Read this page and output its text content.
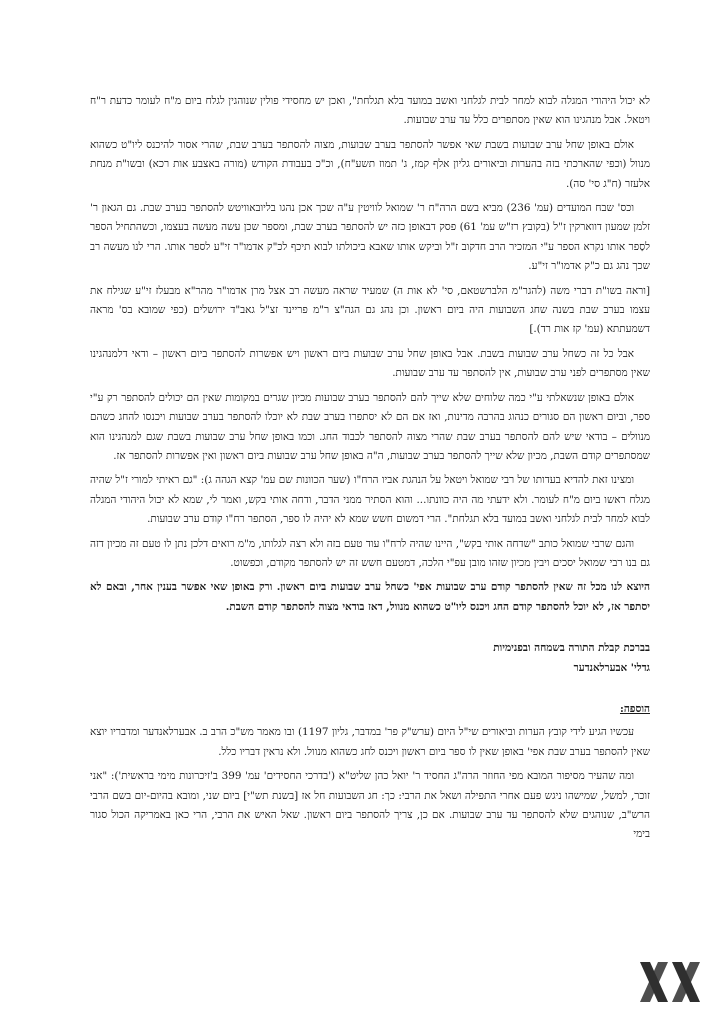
לא יכול היהודי המגלה לבוא למחר לבית לגלחני ואשב במועד בלא תגלחת", ואכן יש מחסידי פולין שנוהגין לגלח ביום מ"ח לעומר כדעת ר"ח ויטאל. אבל מנהגינו הוא שאין מסתפרים כלל עד ערב שבועות.

אולם באופן שחל ערב שבועות בשבת שאי אפשר להסתפר בערב שבועות, מצוה להסתפר בערב שבת, שהרי אסור להיכנס ליו"ט כשהוא מנוול (וכפי שהארכתי בזה בהערות וביאורים גליון אלף קמז, ג' תמוז תשע"ח), וכ"כ בעבודת הקודש (מורה באצבע אות רכא) ובשו"ת מנחת אלעזר (ח"ג סי' סה).

וכס' שבח המועדים (עמ' 236) מביא בשם הרה"ח ר' שמואל לוויטין ע"ה שכך אכן נהגו בליובאוויטש להסתפר בערב שבת. גם הגאון ר' זלמן שמעון דווארקין ז"ל (בקובץ רז"ש עמ' 61) פסק דבאופן כזה יש להסתפר בערב שבת, ומספר שכן עשה מעשה בעצמו, וכשהתחיל הספר לסַפר אותו נקרא הספר ע"י המזכיר הרב חדקוב ז"ל וביקש אותו שאבא ביכולתו לבוא תיכף לכ"ק אדמו"ר זי"ע לספר אותו. הרי לנו מעשה רב שכך נהג גם כ"ק אדמו"ר זי"ע.

[וראה בשו"ת דברי משה (להגר"מ הלברשטאם, סי' לא אות ה) שמעיד שראה מעשה רב אצל מרן אדמו"ר מהר"א מבעלז זי"ע שגילח את עצמו בערב שבת בשנה שחג השבועות היה ביום ראשון. וכן נהג גם הגה"צ ר"מ פריינד זצ"ל גאב"ד ירושלים (כפי שמובא בס' מראה דשמעתתא (עמ' קז אות רד).]

אבל כל זה כשחל ערב שבועות בשבת. אבל באופן שחל ערב שבועות ביום ראשון ויש אפשרות להסתפר ביום ראשון – ודאי דלמנהגינו שאין מסתפרים לפני ערב שבועות, אין להסתפר עד ערב שבועות.

אולם באופן שנשאלתי ע"י כמה שלוחים שלא שייך להם להסתפר בערב שבועות מכיון שגרים במקומות שאין הם יכולים להסתפר רק ע"י ספר, וביום ראשון הם סגורים כנהוג בהרבה מדינות, ואז אם הם לא יסתפרו בערב שבת לא יוכלו להסתפר בערב שבועות ויכנסו להחג כשהם מנוולים – בודאי שיש להם להסתפר בערב שבת שהרי מצוה להסתפר לכבוד החג. וכמו באופן שחל ערב שבועות בשבת שגם למנהגינו הוא שמסתפרים קודם השבת, מכיון שלא שייך להסתפר בערב שבועות, ה"ה באופן שחל ערב שבועות ביום ראשון ואין אפשרות להסתפר אז.

ומצינו זאת להדיא בעדותו של רבי שמואל ויטאל על הנהגת אביו הרח"ו (שער הכוונות שם עמ' קצא הגהה ג): "גם ראיתי למורי ז"ל שהיה מגלח ראשו ביום מ"ח לעומר. ולא ידעתי מה היה כוונתו... והוא הסתיר ממני הדבר, ודחה אותי בקש, ואמר לי, שמא לא יכול היהודי המגלה לבוא למחר לבית לגלחני ואשב במועד בלא תגלחת". הרי דמשום חשש שמא לא יהיה לו ספר, הסתפר רח"ו קודם ערב שבועות.

והגם שרבי שמואל כותב "שדחה אותי בקש", היינו שהיה לרח"ו עוד טעם בזה ולא רצה לגלותו, מ"מ רואים דלכן נתן לו טעם זה מכיון דזה גם בנו רבי שמואל יסכים ויבין מכיון שזהו מובן עפ"י הלכה, דמטעם חשש זה יש להסתפר מקודם, וכפשוט.

היוצא לנו מכל זה שאין להסתפר קודם ערב שבועות אפי' כשחל ערב שבועות ביום ראשון. ורק באופן שאי אפשר בענין אחר, ובאם לא יסתפר אז, לא יוכל להסתפר קודם החג ויכנס ליו"ט כשהוא מנוול, דאז בודאי מצוה להסתפר קודם השבת.

בברכת קבלת התורה בשמחה ובפנימיות

גדלי' אבערלאנדער

הוספה:

עכשיו הגיע לידי קובץ הערות וביאורים שי"ל היום (ערש"ק פר' במדבר, גליון 1197) ובו מאמר מש"כ הרב ב. אבערלאנדער ומדבריו יוצא שאין להסתפר בערב שבת אפי' באופן שאין לו ספר ביום ראשון ויכנס לחג כשהוא מנוול. ולא נראין דבריו כלל.

ומה שהעיר מסיפור המובא מפי החוזר הרה"ג החסיד ר' יואל כהן שליט"א ('בדרכי החסידים' עמ' 399 ב'זיכרונות מימי בראשית'): "אני זוכר, למשל, שמישהו ניגש פעם אחרי התפילה ושאל את הרבי: כך: חג השבועות חל אז [בשנת תש"י] ביום שני, ומובא בהיום-יום בשם הרבי הרש"ב, שנוהגים שלא להסתפר עד ערב שבועות. אם כן, צריך להסתפר ביום ראשון. שאל האיש את הרבי, הרי כאן באמריקה הכול סגור בימי
